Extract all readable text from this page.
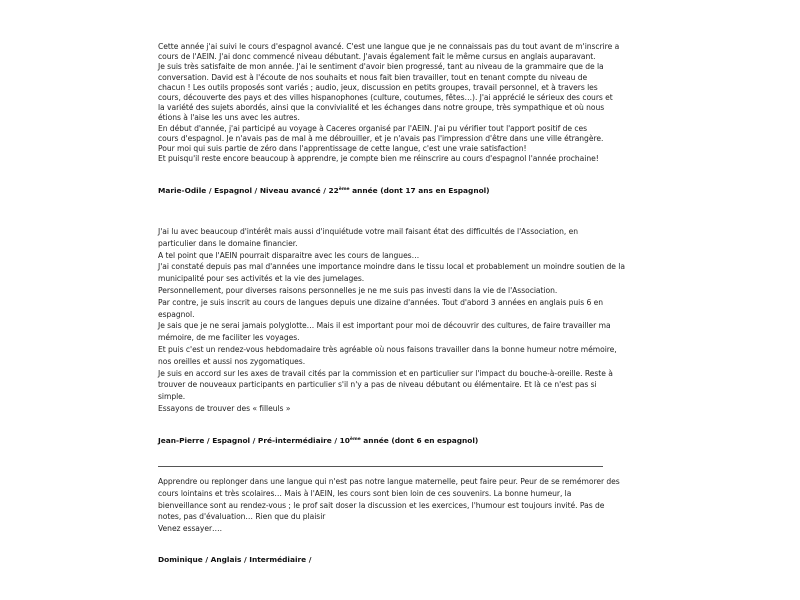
Cette année j'ai suivi le cours d'espagnol avancé. C'est une langue que je ne connaissais pas du tout avant de m'inscrire a
cours de l'AEIN. J'ai donc commencé niveau débutant. J'avais également fait le même cursus en anglais auparavant.
Je suis très satisfaite de mon année. J'ai le sentiment d'avoir bien progressé, tant au niveau de la grammaire que de la
conversation. David est à l'écoute de nos souhaits et nous fait bien travailler, tout en tenant compte du niveau de
chacun ! Les outils proposés sont variés ; audio, jeux, discussion en petits groupes, travail personnel, et à travers les
cours, découverte des pays et des villes hispanophones (culture, coutumes, fêtes…). J'ai apprécié le sérieux des cours et
la variété des sujets abordés, ainsi que la convivialité et les échanges dans notre groupe, très sympathique et où nous
étions à l'aise les uns avec les autres.
En début d'année, j'ai participé au voyage à Caceres organisé par l'AEIN. J'ai pu vérifier tout l'apport positif de ces
cours d'espagnol. Je n'avais pas de mal à me débrouiller, et je n'avais pas l'impression d'être dans une ville étrangère.
Pour moi qui suis partie de zéro dans l'apprentissage de cette langue, c'est une vraie satisfaction!
Et puisqu'il reste encore beaucoup à apprendre, je compte bien me réinscrire au cours d'espagnol l'année prochaine!
Marie-Odile / Espagnol / Niveau avancé / 22ème année (dont 17 ans en Espagnol)
J'ai lu avec beaucoup d'intérêt mais aussi d'inquiétude votre mail faisant état des difficultés de l'Association, en
particulier dans le domaine financier.
A tel point que l'AEIN pourrait disparaitre avec les cours de langues…
J'ai constaté depuis pas mal d'années une importance moindre dans le tissu local et probablement un moindre soutien de la
municipalité pour ses activités et la vie des jumelages.
Personnellement, pour diverses raisons personnelles je ne me suis pas investi dans la vie de l'Association.
Par contre, je suis inscrit au cours de langues depuis une dizaine d'années. Tout d'abord 3 années en anglais puis 6 en
espagnol.
Je sais que je ne serai jamais polyglotte… Mais il est important pour moi de découvrir des cultures, de faire travailler ma
mémoire, de me faciliter les voyages.
Et puis c'est un rendez-vous hebdomadaire très agréable où nous faisons travailler dans la bonne humeur notre mémoire,
nos oreilles et aussi nos zygomatiques.
Je suis en accord sur les axes de travail cités par la commission et en particulier sur l'impact du bouche-à-oreille. Reste à
trouver de nouveaux participants en particulier s'il n'y a pas de niveau débutant ou élémentaire. Et là ce n'est pas si
simple.
Essayons de trouver des « filleuls »
Jean-Pierre / Espagnol / Pré-intermédiaire / 10ème année (dont 6 en espagnol)
Apprendre ou replonger dans une langue qui n'est pas notre langue maternelle, peut faire peur. Peur de se remémorer des
cours lointains et très scolaires… Mais à l'AEIN, les cours sont bien loin de ces souvenirs. La bonne humeur, la
bienveillance sont au rendez-vous ; le prof sait doser la discussion et les exercices, l'humour est toujours invité. Pas de
notes, pas d'évaluation… Rien que du plaisir
Venez essayer….
Dominique / Anglais / Intermédiaire /
